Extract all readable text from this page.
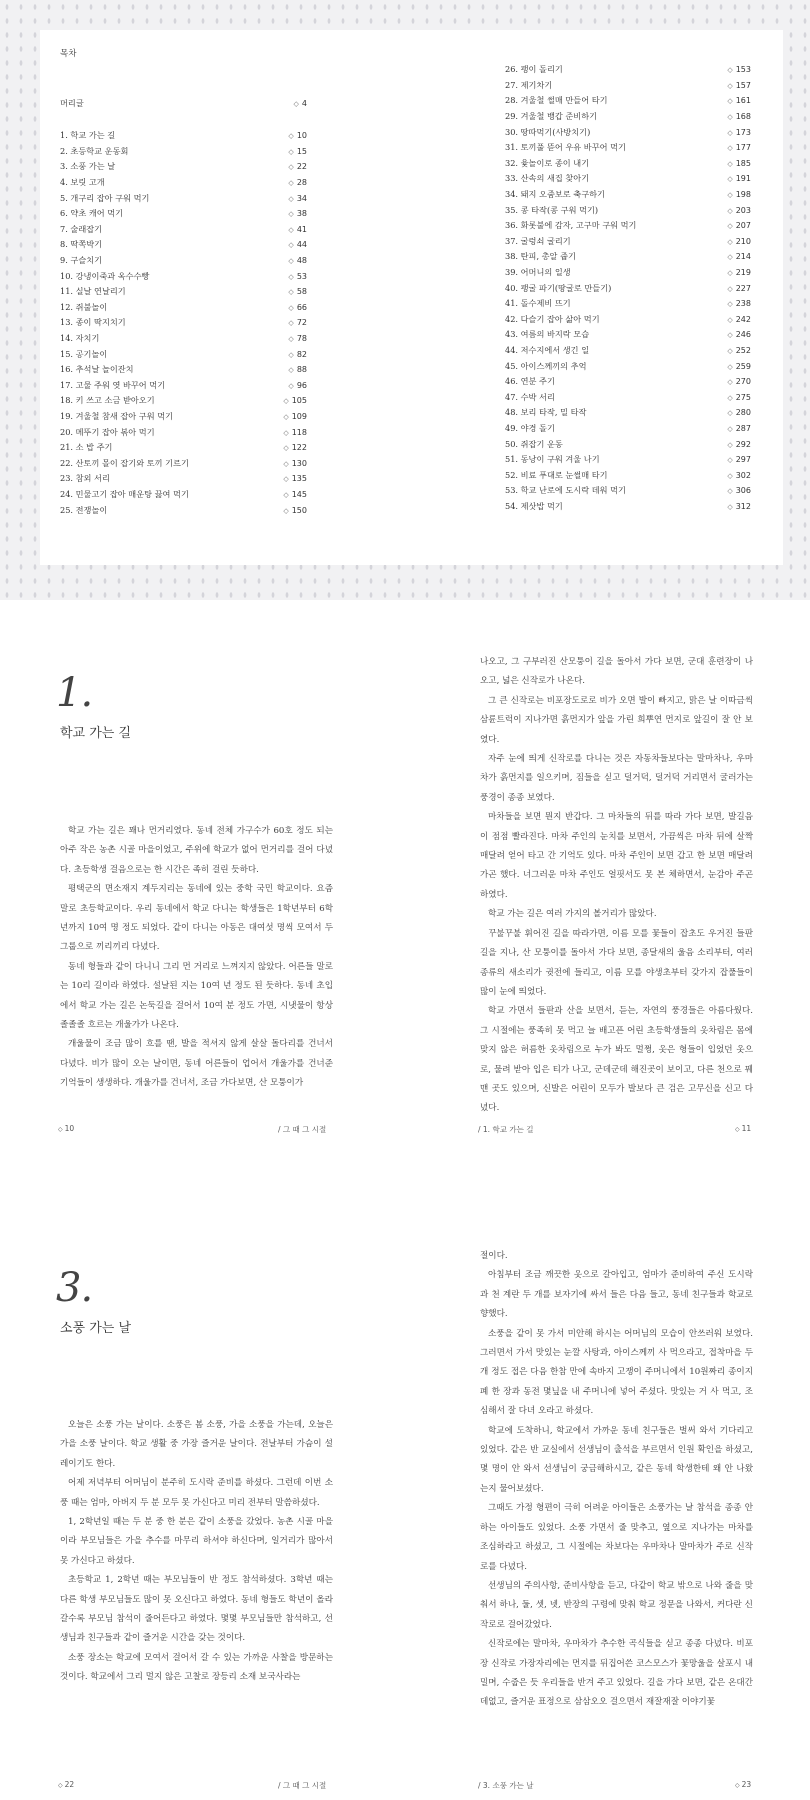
목차
머리글	◇ 4
1. 학교 가는 길	◇ 10
2. 초등학교 운동회	◇ 15
3. 소풍 가는 날	◇ 22
4. 보릿 고개	◇ 28
5. 개구리 잡아 구워 먹기	◇ 34
6. 약초 캐어 먹기	◇ 38
7. 술래잡기	◇ 41
8. 딱쪽박기	◇ 44
9. 구슬치기	◇ 48
10. 강냉이죽과 옥수수빵	◇ 53
11. 실날 연날리기	◇ 58
12. 쥐불놀이	◇ 66
13. 종이 딱지치기	◇ 72
14. 자치기	◇ 78
15. 공기놀이	◇ 82
16. 추석날 놀이잔치	◇ 88
17. 고물 주워 엿 바꾸어 먹기	◇ 96
18. 키 쓰고 소금 받아오기	◇ 105
19. 겨울철 참새 잡아 구워 먹기	◇ 109
20. 메뚜기 잡아 볶아 먹기	◇ 118
21. 소 밥 주기	◇ 122
22. 산토끼 몰이 잡기와 토끼 기르기	◇ 130
23. 참외 서리	◇ 135
24. 민물고기 잡아 매운탕 끓여 먹기	◇ 145
25. 전쟁놀이	◇ 150
26. 팽이 돌리기	◇ 153
27. 제기차기	◇ 157
28. 겨울철 썰매 만들어 타기	◇ 161
29. 겨울철 뱅갑 준비하기	◇ 168
30. 땅따먹기(사방치기)	◇ 173
31. 토끼풀 뜯어 우유 바꾸어 먹기	◇ 177
32. 윷놀이로 종이 내기	◇ 185
33. 산속의 새집 찾아기	◇ 191
34. 돼지 오줌보로 축구하기	◇ 198
35. 콩 타작(콩 구워 먹기)	◇ 203
36. 화롯불에 감자, 고구마 구워 먹기	◇ 207
37. 굴렁쇠 굴리기	◇ 210
38. 탄피, 총알 줍기	◇ 214
39. 어머니의 일생	◇ 219
40. 팽굴 파기(땅굴로 만들기)	◇ 227
41. 돌수제비 뜨기	◇ 238
42. 다슬기 잡아 삶아 먹기	◇ 242
43. 여름의 바지락 모습	◇ 246
44. 저수지에서 생긴 일	◇ 252
45. 아이스께끼의 추억	◇ 259
46. 연분 주기	◇ 270
47. 수박 서리	◇ 275
48. 보리 타작, 밀 타작	◇ 280
49. 야경 돌기	◇ 287
50. 쥐잡기 운동	◇ 292
51. 동낭이 구워 겨울 나기	◇ 297
52. 비료 푸대로 눈썰매 타기	◇ 302
53. 학교 난로에 도시락 데워 먹기	◇ 306
54. 제삿밥 먹기	◇ 312
1.
학교 가는 길

학교 가는 길은 꽤나 먼거리였다. 동네 전체 가구수가 60호 정도 되는 아주 작은 농촌 시골 마을이었고, 주위에 학교가 없어 먼거리를 걸어 다녔다. 초등학생 걸음으로는 한 시간은 족히 걸린 듯하다.

평택군의 면소재지 계두지리는 동네에 있는 중학 국민 학교이다. 요즘말로 초등학교이다. 우리 동네에서 학교 다니는 학생들은 1학년부터 6학년까지 10여 명 정도 되었다. 같이 다니는 아동은 대여섯 명씩 모여서 두 그룹으로 끼리끼리 다녔다.

동네 형들과 같이 다니니 그리 먼 거리로 느껴지지 않았다. 어른들 말로는 10리 길이라 하였다. 설날된 지는 10여 년 정도 된 듯하다. 동네 초입에서 학교 가는 길은 논둑길을 걸어서 10여 분 정도 가면, 시냇물이 항상 졸졸졸 흐르는 개울가가 나온다.

개울물이 조금 많이 흐를 땐, 발을 적셔지 않게 살살 돌다리를 건너서 다녔다. 비가 많이 오는 날이면, 동네 어른들이 업어서 개울가를 건너준 기억들이 생생하다. 개울가를 건너서, 조금 가다보면, 산 모퉁이가

나오고, 그 구부러진 산모퉁이 길을 돌아서 가다 보면, 군대 훈련장이 나오고, 넓은 신작로가 나온다.

그 큰 신작로는 비포장도로로 비가 오면 발이 빠지고, 맑은 날 이따금씩 삼륜트럭이 지나가면 흙먼지가 앞을 가린 희뿌연 먼지로 앞길이 잘 안 보였다.

자주 눈에 띄게 신작로를 다니는 것은 자동차들보다는 말마차나, 우마차가 흙먼지를 일으키며, 짐들을 싣고 덜거덕, 덜거덕 거리면서 굴러가는 풍경이 종종 보였다.

마차들을 보면 뭔지 반갑다. 그 마차들의 뒤를 따라 가다 보면, 발길음이 점점 빨라진다. 마차 주인의 눈치를 보면서, 가끔씩은 마차 뒤에 살짝 매달려 얻어 타고 간 기억도 있다. 마차 주인이 보면 갑고 한 보면 매달려 가곤 했다. 너그러운 마차 주인도 얼핏서도 못 본 체하면서, 눈감아 주곤 하였다.

학교 가는 길은 여러 가지의 볼거리가 많았다.

꾸불꾸불 휘어진 길을 따라가면, 이름 모를 꽃들이 잡초도 우거진 들판길을 지나, 산 모퉁이를 돌아서 가다 보면, 종달새의 울음 소리부터, 여러 종류의 새소리가 귓전에 들리고, 이름 모를 야생초부터 갖가지 잡풀들이 많이 눈에 띄었다.

학교 가면서 들판과 산을 보면서, 듣는, 자연의 풍경들은 아름다웠다. 그 시절에는 풍족히 못 먹고 늘 배고픈 어린 초등학생들의 옷차림은 몸에 맞지 않은 허름한 옷차림으로 누가 봐도 멀쩡, 옷은 형들이 입었던 옷으로, 물려 받아 입은 티가 나고, 군데군데 해진곳이 보이고, 다른 천으로 꿰맨 곳도 있으며, 신발은 어린이 모두가 발보다 큰 검은 고무신을 신고 다녔다.

◇ 10	/ 그 때 그 시절	/ 1. 학교 가는 길	◇ 11
3.
소풍 가는 날

오늘은 소풍 가는 날이다. 소풍은 봄 소풍, 가을 소풍을 가는데, 오늘은 가을 소풍 날이다. 학교 생활 중 가장 즐거운 날이다. 전날부터 가슴이 설레이기도 한다.

어제 저녁부터 어머님이 분주히 도시락 준비를 하셨다. 그런데 이번 소풍 때는 엄마, 아버지 두 분 모두 못 가신다고 미리 전부터 말씀하셨다.

1, 2학년일 때는 두 분 중 한 분은 같이 소풍을 갔었다. 농촌 시골 마을이라 부모님들은 가을 추수를 마무리 하셔야 하신다며, 일거리가 많아서 못 가신다고 하셨다.

초등학교 1, 2학년 때는 부모님들이 반 정도 참석하셨다. 3학년 때는 다른 학생 부모님들도 많이 못 오신다고 하였다. 동네 형들도 학년이 올라갈수록 부모님 참석이 줄어든다고 하였다. 몇몇 부모님들만 참석하고, 선생님과 친구들과 같이 즐거운 시간을 갖는 것이다.

소풍 장소는 학교에 모여서 걸어서 갈 수 있는 가까운 사찰을 방문하는 것이다. 학교에서 그리 멀지 않은 고찰로 장등리 소재 보국사라는

절이다.

아침부터 조금 깨끗한 옷으로 갈아입고, 엄마가 준비하여 주신 도시락과 천 계란 두 개를 보자기에 싸서 들은 다음 들고, 동네 친구들과 학교로 향했다.

소풍을 같이 못 가서 미안해 하시는 어머님의 모습이 안쓰러워 보였다. 그러면서 가서 맛있는 눈깔 사탕과, 아이스께끼 사 먹으라고, 접착마을 두 개 정도 접은 다음 한참 만에 속바지 고쟁이 주머니에서 10원짜리 종이지폐 한 장과 동전 몇닢을 내 주머니에 넣어 주셨다. 맛있는 거 사 먹고, 조심해서 잘 다녀 오라고 하셨다.

학교에 도착하니, 학교에서 가까운 동네 친구들은 벌써 와서 기다리고 있었다. 같은 반 교실에서 선생님이 출석을 부르면서 인원 확인을 하셨고, 몇 명이 안 와서 선생님이 궁금해하시고, 같은 동네 학생한테 왜 안 나왔는지 물어보셨다.

그때도 가정 형편이 극히 어려운 아이들은 소풍가는 날 참석을 종종 안 하는 아이들도 있었다. 소풍 가면서 줄 맞추고, 옆으로 지나가는 마차를 조심하라고 하셨고, 그 시절에는 차보다는 우마차나 말마차가 주로 신작로를 다녔다.

선생님의 주의사항, 준비사항을 듣고, 다같이 학교 밖으로 나와 줄을 맞춰서 하나, 둘, 셋, 넷, 반장의 구령에 맞춰 학교 정문을 나와서, 커다란 신작로로 걸어갔었다.

신작로에는 말마차, 우마차가 추수한 곡식들을 싣고 종종 다녔다. 비포장 신작로 가장자리에는 먼지를 뒤집어쓴 코스모스가 꽃망울을 살포시 내밀며, 수줍은 듯 우리들을 반겨 주고 있었다. 길을 가다 보면, 같은 온대간데없고, 즐거운 표정으로 삼삼오오 걸으면서 재잘재잘 이야기꽃

◇ 22	/ 그 때 그 시절	/ 3. 소풍 가는 날	◇ 23
